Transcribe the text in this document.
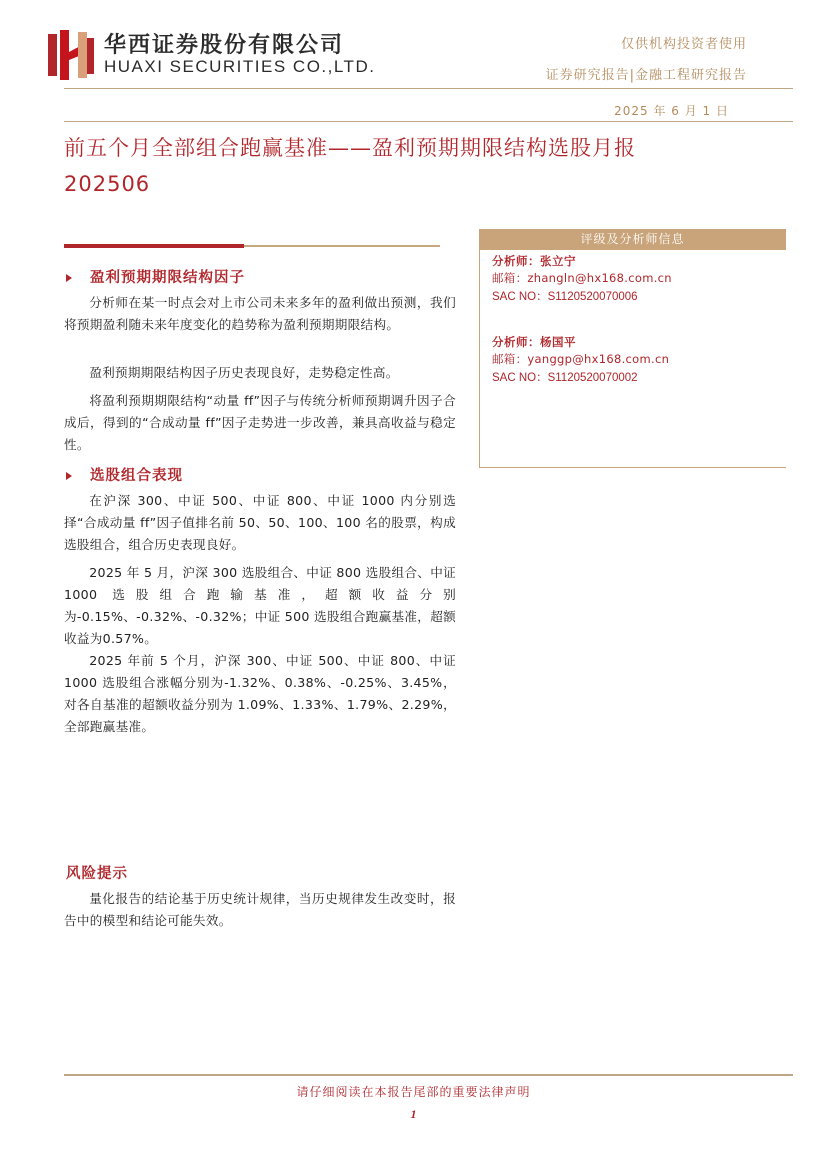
华西证券股份有限公司
HUAXI SECURITIES CO.,LTD.
仅供机构投资者使用
证券研究报告|金融工程研究报告
2025 年 6 月 1 日
前五个月全部组合跑赢基准——盈利预期期限结构选股月报
202506
盈利预期期限结构因子
分析师在某一时点会对上市公司未来多年的盈利做出预测，我们将预期盈利随未来年度变化的趋势称为盈利预期期限结构。
盈利预期期限结构因子历史表现良好，走势稳定性高。
将盈利预期期限结构“动量 ff”因子与传统分析师预期调升因子合成后，得到的“合成动量 ff”因子走势进一步改善，兼具高收益与稳定性。
选股组合表现
在沪深 300、中证 500、中证 800、中证 1000 内分别选择“合成动量 ff”因子值排名前 50、50、100、100 名的股票，构成选股组合，组合历史表现良好。
2025 年 5 月，沪深 300 选股组合、中证 800 选股组合、中证 1000 选股组合跑输基准，超额收益分别为-0.15%、-0.32%、-0.32%；中证 500 选股组合跑赢基准，超额收益为0.57%。
2025 年前 5 个月，沪深 300、中证 500、中证 800、中证1000 选股组合涨幅分别为-1.32%、0.38%、-0.25%、3.45%，对各自基准的超额收益分别为 1.09%、1.33%、1.79%、2.29%，全部跑赢基准。
风险提示
量化报告的结论基于历史统计规律，当历史规律发生改变时，报告中的模型和结论可能失效。
评级及分析师信息
分析师：张立宁
邮箱：zhangln@hx168.com.cn
SAC NO：S1120520070006
分析师：杨国平
邮箱：yanggp@hx168.com.cn
SAC NO：S1120520070002
请仔细阅读在本报告尾部的重要法律声明
1
